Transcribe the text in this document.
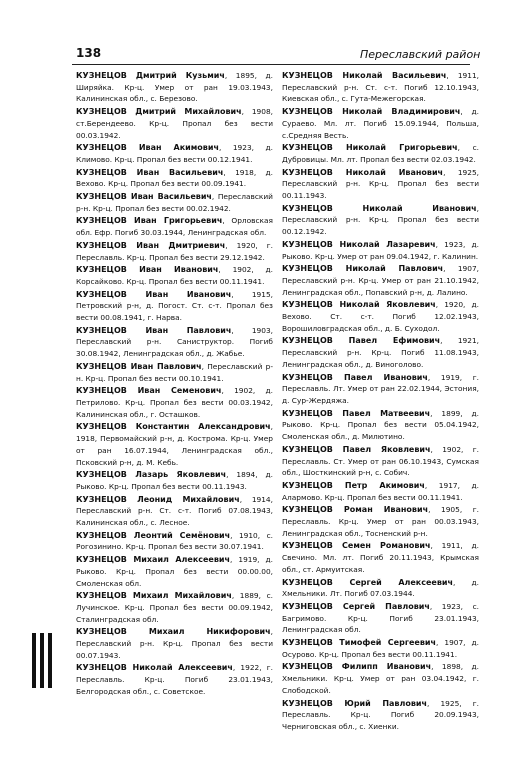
138	Переславский район

КУЗНЕЦОВ Дмитрий Кузьмич, 1895, д. Ширяйка. Кр-ц. Умер от ран 19.03.1943, Калининская обл., с. Березово.

КУЗНЕЦОВ Дмитрий Михайлович, 1908, ст.Берендеево. Кр-ц. Пропал без вести 00.03.1942.

КУЗНЕЦОВ Иван Акимович, 1923, д. Климово. Кр-ц. Пропал без вести 00.12.1941.

КУЗНЕЦОВ Иван Васильевич, 1918, д. Вехово. Кр-ц. Пропал без вести 00.09.1941.

КУЗНЕЦОВ Иван Васильевич, Переславский р-н. Кр-ц. Пропал без вести 00.02.1942.

КУЗНЕЦОВ Иван Григорьевич, Орловская обл. Ефр. Погиб 30.03.1944, Ленинградская обл.

КУЗНЕЦОВ Иван Дмитриевич, 1920, г. Переславль. Кр-ц. Пропал без вести 29.12.1942.

КУЗНЕЦОВ Иван Иванович, 1902, д. Корсайково. Кр-ц. Пропал без вести 00.11.1941.

КУЗНЕЦОВ Иван Иванович, 1915, Петровский р-н, д. Погост. Ст. с-т. Пропал без вести 00.08.1941, г. Нарва.

КУЗНЕЦОВ Иван Павлович, 1903, Переславский р-н. Саниструктор. Погиб 30.08.1942, Ленинградская обл., д. Жабье.

КУЗНЕЦОВ Иван Павлович, Переславский р-н. Кр-ц. Пропал без вести 00.10.1941.

КУЗНЕЦОВ Иван Семенович, 1902, д. Петрилово. Кр-ц. Пропал без вести 00.03.1942, Калининская обл., г. Осташков.

КУЗНЕЦОВ Константин Александрович, 1918, Первомайский р-н, д. Кострома. Кр-ц. Умер от ран 16.07.1944, Ленинградская обл., Псковский р-н, д. М. Кебь.

КУЗНЕЦОВ Лазарь Яковлевич, 1894, д. Рыково. Кр-ц. Пропал без вести 00.11.1943.

КУЗНЕЦОВ Леонид Михайлович, 1914, Переславский р-н. Ст. с-т. Погиб 07.08.1943, Калининская обл., с. Лесное.

КУЗНЕЦОВ Леонтий Семёнович, 1910, с. Рогозинино. Кр-ц. Пропал без вести 30.07.1941.

КУЗНЕЦОВ Михаил Алексеевич, 1919, д. Рыково. Кр-ц. Пропал без вести 00.00.00, Смоленская обл.

КУЗНЕЦОВ Михаил Михайлович, 1889, с. Лучинское. Кр-ц. Пропал без вести 00.09.1942, Сталинградская обл.

КУЗНЕЦОВ Михаил Никифорович, Переславский р-н. Кр-ц. Пропал без вести 00.07.1943.

КУЗНЕЦОВ Николай Алексеевич, 1922, г. Переславль. Кр-ц. Погиб 23.01.1943, Белгородская обл., с. Советское.

КУЗНЕЦОВ Николай Васильевич, 1911, Переславский р-н. Ст. с-т. Погиб 12.10.1943, Киевская обл., с. Гута-Межегорская.

КУЗНЕЦОВ Николай Владимирович, д. Сураево. Мл. лт. Погиб 15.09.1944, Польша, с.Средняя Весть.

КУЗНЕЦОВ Николай Григорьевич, с. Дубровицы. Мл. лт. Пропал без вести 02.03.1942.

КУЗНЕЦОВ Николай Иванович, 1925, Переславский р-н. Кр-ц. Пропал без вести 00.11.1943.

КУЗНЕЦОВ Николай Иванович, Переславский р-н. Кр-ц. Пропал без вести 00.12.1942.

КУЗНЕЦОВ Николай Лазаревич, 1923, д. Рыково. Кр-ц. Умер от ран 09.04.1942, г. Калинин.

КУЗНЕЦОВ Николай Павлович, 1907, Переславский р-н. Кр-ц. Умер от ран 21.10.1942, Ленинградская обл., Попавский р-н, д. Лалино.

КУЗНЕЦОВ Николай Яковлевич, 1920, д. Вехово. Ст. с-т. Погиб 12.02.1943, Ворошиловградская обл., д. Б. Суходол.

КУЗНЕЦОВ Павел Ефимович, 1921, Переславский р-н. Кр-ц. Погиб 11.08.1943, Ленинградская обл., д. Виноголово.

КУЗНЕЦОВ Павел Иванович, 1919, г. Переславль. Лт. Умер от ран 22.02.1944, Эстония, д. Сур-Жердяжа.

КУЗНЕЦОВ Павел Матвеевич, 1899, д. Рыково. Кр-ц. Пропал без вести 05.04.1942, Смоленская обл., д. Милютино.

КУЗНЕЦОВ Павел Яковлевич, 1902, г. Переславль. Ст. Умер от ран 06.10.1943, Сумская обл., Шосткинский р-н, с. Собич.

КУЗНЕЦОВ Петр Акимович, 1917, д. Алармово. Кр-ц. Пропал без вести 00.11.1941.

КУЗНЕЦОВ Роман Иванович, 1905, г. Переславль. Кр-ц. Умер от ран 00.03.1943, Ленинградская обл., Тосненский р-н.

КУЗНЕЦОВ Семен Романович, 1911, д. Свечино. Мл. лт. Погиб 20.11.1943, Крымская обл., ст. Армуитская.

КУЗНЕЦОВ Сергей Алексеевич, д. Хмельники. Лт. Погиб 07.03.1944.

КУЗНЕЦОВ Сергей Павлович, 1923, с. Багримово. Кр-ц. Погиб 23.01.1943, Ленинградская обл.

КУЗНЕЦОВ Тимофей Сергеевич, 1907, д. Осурово. Кр-ц. Пропал без вести 00.11.1941.

КУЗНЕЦОВ Филипп Иванович, 1898, д. Хмельники. Кр-ц. Умер от ран 03.04.1942, г. Слободской.

КУЗНЕЦОВ Юрий Павлович, 1925, г. Переславль. Кр-ц. Погиб 20.09.1943, Черниговская обл., с. Хиенки.
